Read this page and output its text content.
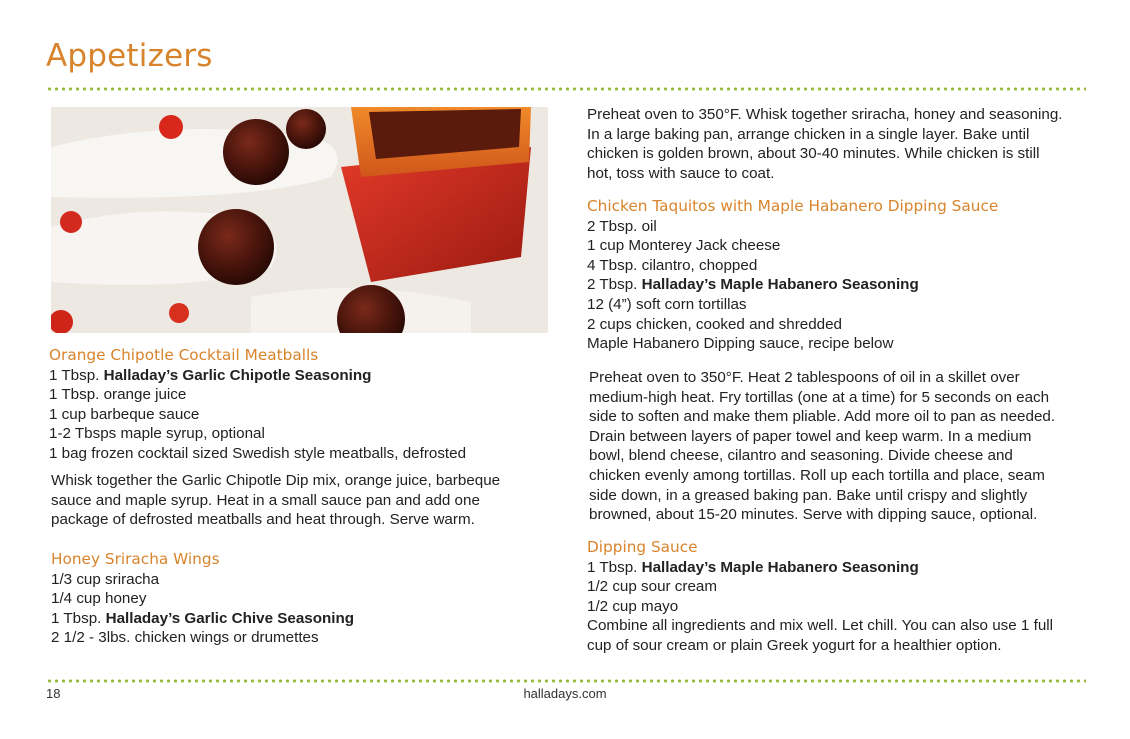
Appetizers
Orange Chipotle Cocktail Meatballs
1 Tbsp. Halladay’s Garlic Chipotle Seasoning
1 Tbsp. orange juice
1 cup barbeque sauce
1-2 Tbsps maple syrup, optional
1 bag frozen cocktail sized Swedish style meatballs, defrosted
Whisk together the Garlic Chipotle Dip mix, orange juice, barbeque
sauce and maple syrup. Heat in a small sauce pan and add one
package of defrosted meatballs and heat through. Serve warm.
Honey Sriracha Wings
1/3 cup sriracha
1/4 cup honey
1 Tbsp. Halladay’s Garlic Chive Seasoning
2 1/2 - 3lbs. chicken wings or drumettes
Preheat oven to 350°F. Whisk together sriracha, honey and seasoning.
In a large baking pan, arrange chicken in a single layer. Bake until
chicken is golden brown, about 30-40 minutes. While chicken is still
hot, toss with sauce to coat.
Chicken Taquitos with Maple Habanero Dipping Sauce
2 Tbsp. oil
1 cup Monterey Jack cheese
4 Tbsp. cilantro, chopped
2 Tbsp. Halladay’s Maple Habanero Seasoning
12 (4”) soft corn tortillas
2 cups chicken, cooked and shredded
Maple Habanero Dipping sauce, recipe below
Preheat oven to 350°F. Heat 2 tablespoons of oil in a skillet over
medium-high heat. Fry tortillas (one at a time) for 5 seconds on each
side to soften and make them pliable. Add more oil to pan as needed.
Drain between layers of paper towel and keep warm. In a medium
bowl, blend cheese, cilantro and seasoning. Divide cheese and
chicken evenly among tortillas. Roll up each tortilla and place, seam
side down, in a greased baking pan. Bake until crispy and slightly
browned, about 15-20 minutes. Serve with dipping sauce, optional.
Dipping Sauce
1 Tbsp. Halladay’s Maple Habanero Seasoning
1/2 cup sour cream
1/2 cup mayo
Combine all ingredients and mix well. Let chill. You can also use 1 full
cup of sour cream or plain Greek yogurt for a healthier option.
18	halladays.com
